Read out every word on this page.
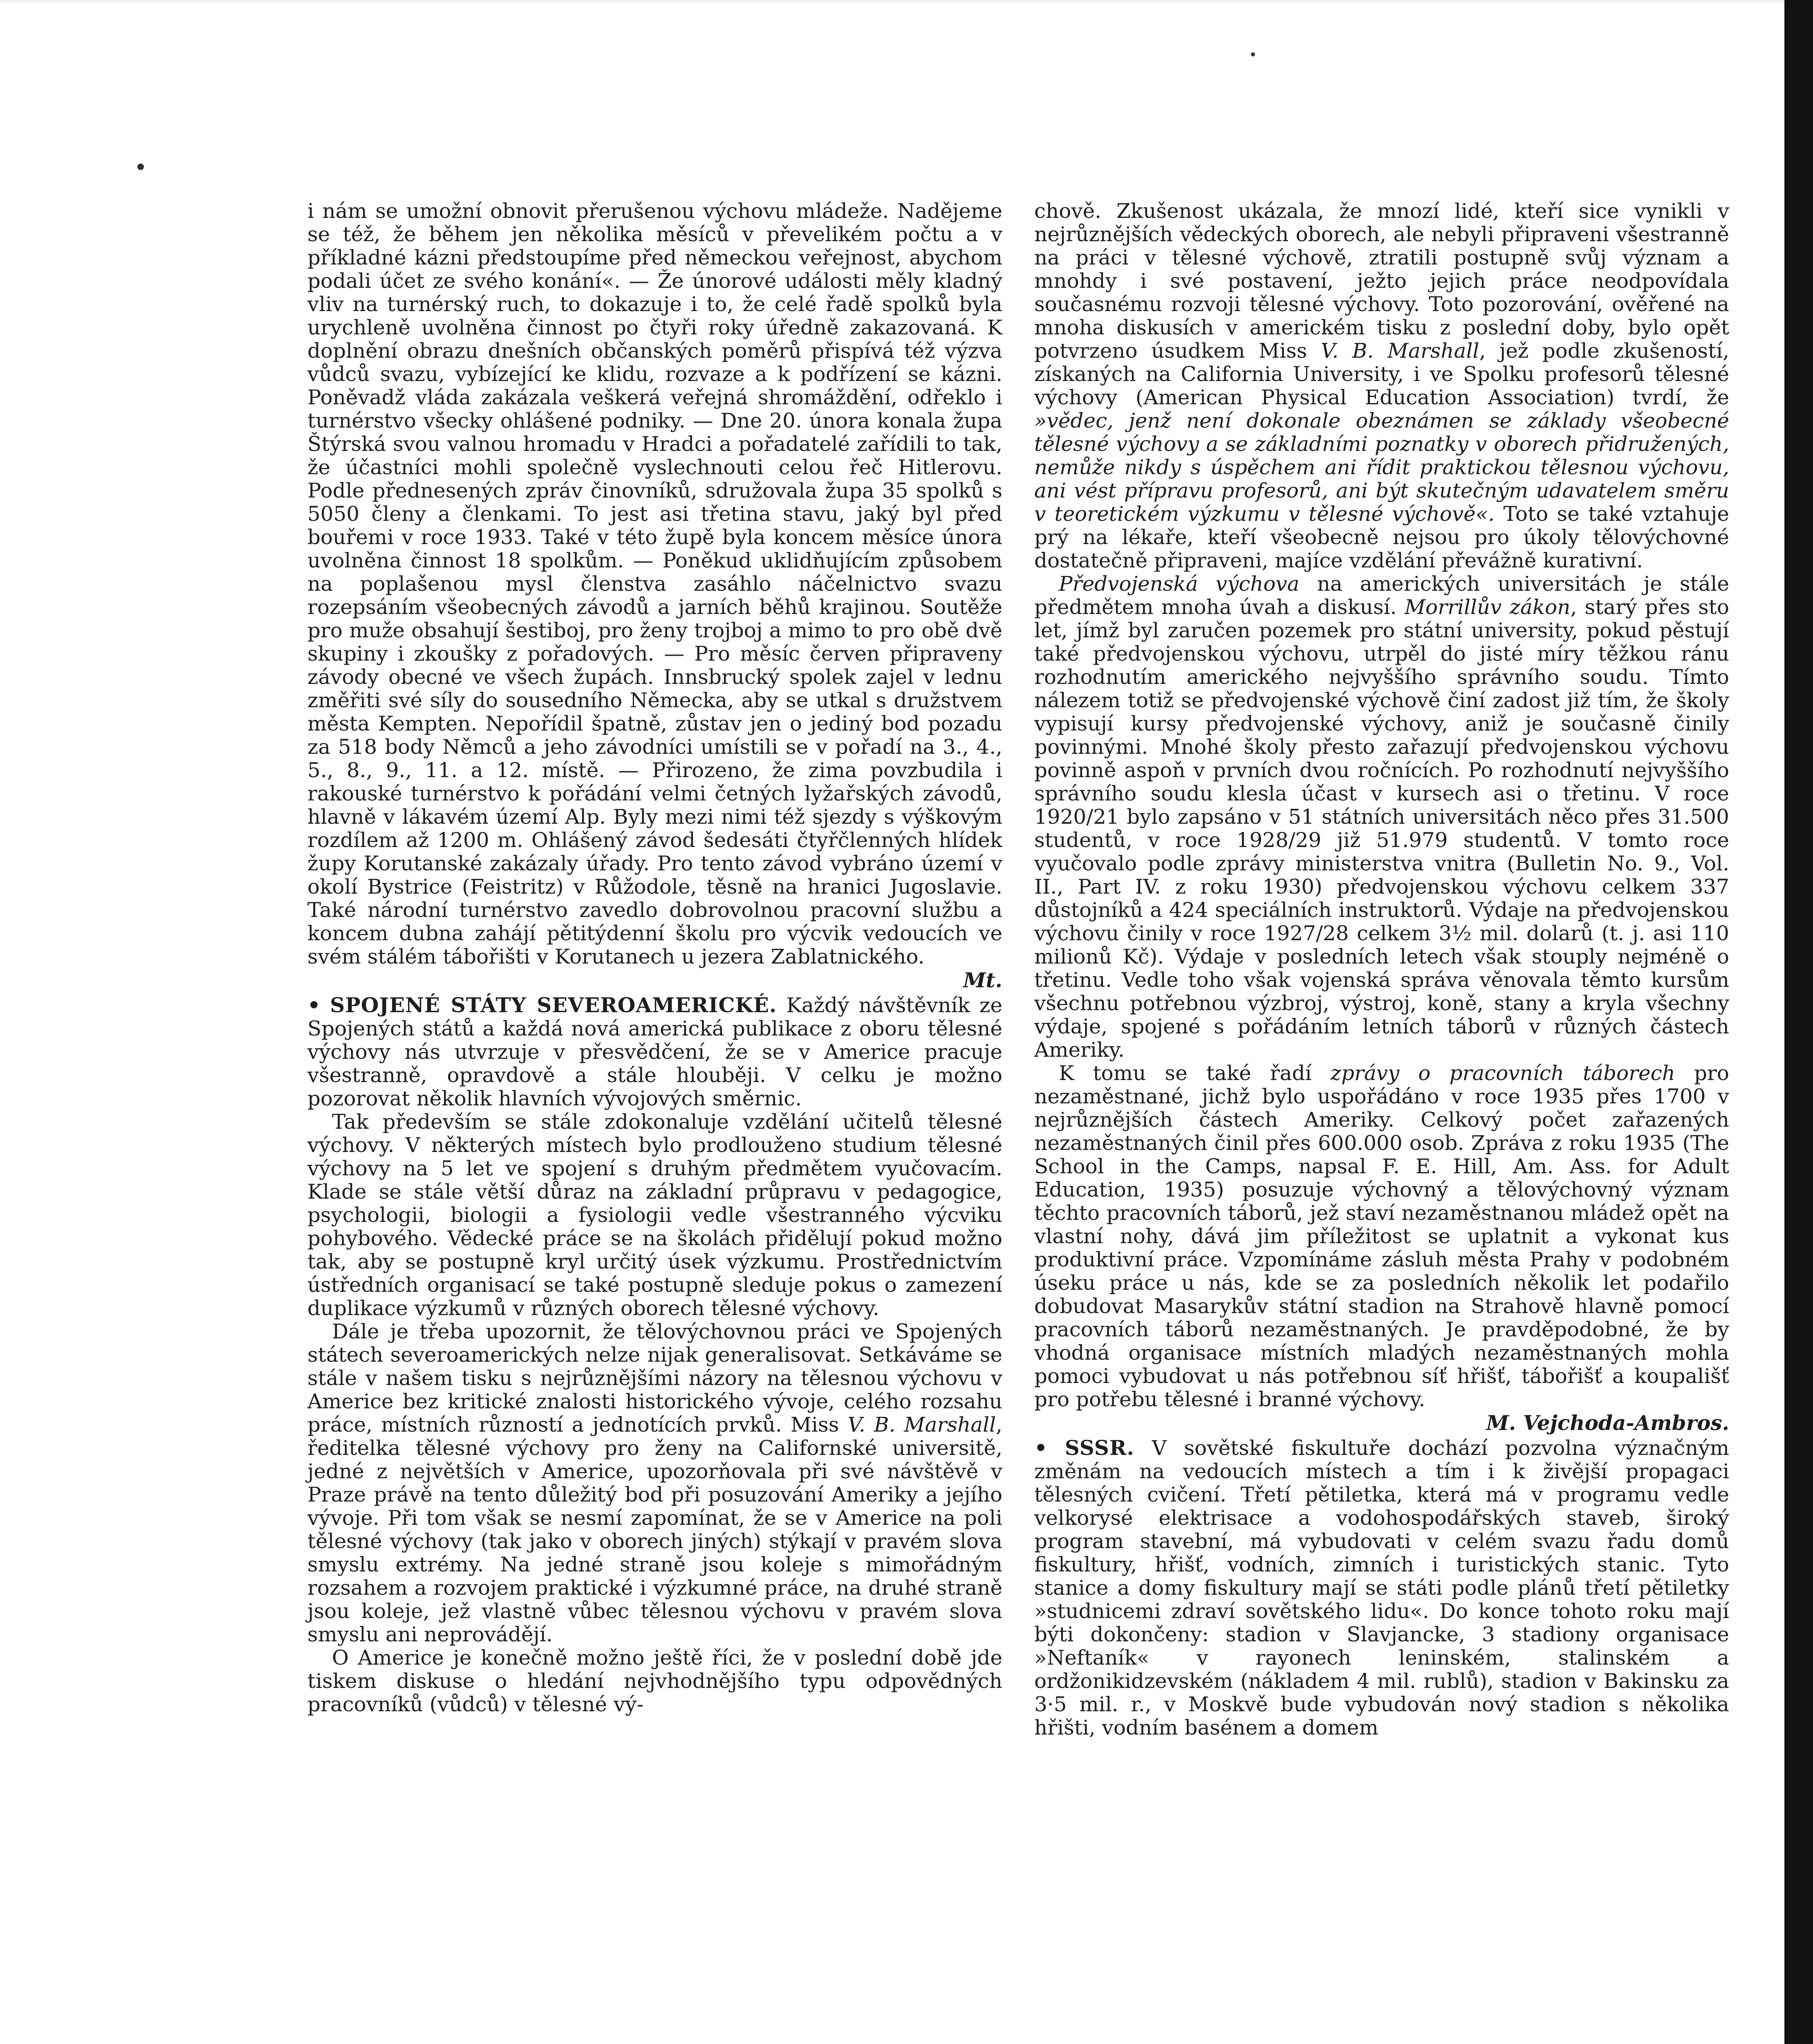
i nám se umožní obnovit přerušenou výchovu mládeže. Nadějeme se též, že během jen několika měsíců v převelikém počtu a v příkladné kázni předstoupíme před německou veřejnost, abychom podali účet ze svého konání«. — Že únorové události měly kladný vliv na turnérský ruch, to dokazuje i to, že celé řadě spolků byla urychleně uvolněna činnost po čtyři roky úředně zakazovaná. K doplnění obrazu dnešních občanských poměrů přispívá též výzva vůdců svazu, vybízející ke klidu, rozvaze a k podřízení se kázni. Poněvadž vláda zakázala veškerá veřejná shromáždění, odřeklo i turnérstvo všecky ohlášené podniky. — Dne 20. února konala župa Štýrská svou valnou hromadu v Hradci a pořadatelé zařídili to tak, že účastníci mohli společně vyslechnouti celou řeč Hitlerovu. Podle přednesených zpráv činovníků, sdružovala župa 35 spolků s 5050 členy a členkami. To jest asi třetina stavu, jaký byl před bouřemi v roce 1933. Také v této župě byla koncem měsíce února uvolněna činnost 18 spolkům. — Poněkud uklidňujícím způsobem na poplašenou mysl členstva zasáhlo náčelnictvo svazu rozepsáním všeobecných závodů a jarních běhů krajinou. Soutěže pro muže obsahují šestiboj, pro ženy trojboj a mimo to pro obě dvě skupiny i zkoušky z pořadových. — Pro měsíc červen připraveny závody obecné ve všech župách. Innsbrucký spolek zajel v lednu změřiti své síly do sousedního Německa, aby se utkal s družstvem města Kempten. Nepořídil špatně, zůstav jen o jediný bod pozadu za 518 body Němců a jeho závodníci umístili se v pořadí na 3., 4., 5., 8., 9., 11. a 12. místě. — Přirozeno, že zima povzbudila i rakouské turnérstvo k pořádání velmi četných lyžařských závodů, hlavně v lákavém území Alp. Byly mezi nimi též sjezdy s výškovým rozdílem až 1200 m. Ohlášený závod šedesáti čtyřčlenných hlídek župy Korutanské zakázaly úřady. Pro tento závod vybráno území v okolí Bystrice (Feistritz) v Růžodole, těsně na hranici Jugoslavie. Také národní turnérstvo zavedlo dobrovolnou pracovní službu a koncem dubna zahájí pětitýdenní školu pro výcvik vedoucích ve svém stálém tábořišti v Korutanech u jezera Zablatnického.

Mt.

• SPOJENÉ STÁTY SEVEROAMERICKÉ. Každý návštěvník ze Spojených států a každá nová americká publikace z oboru tělesné výchovy nás utvrzuje v přesvědčení, že se v Americe pracuje všestranně, opravdově a stále hlouběji. V celku je možno pozorovat několik hlavních vývojových směrnic.

Tak především se stále zdokonaluje vzdělání učitelů tělesné výchovy. V některých místech bylo prodlouženo studium tělesné výchovy na 5 let ve spojení s druhým předmětem vyučovacím. Klade se stále větší důraz na základní průpravu v pedagogice, psychologii, biologii a fysiologii vedle všestranného výcviku pohybového. Vědecké práce se na školách přidělují pokud možno tak, aby se postupně kryl určitý úsek výzkumu. Prostřednictvím ústředních organisací se také postupně sleduje pokus o zamezení duplikace výzkumů v různých oborech tělesné výchovy.

Dále je třeba upozornit, že tělovýchovnou práci ve Spojených státech severoamerických nelze nijak generalisovat. Setkáváme se stále v našem tisku s nejrůznějšími názory na tělesnou výchovu v Americe bez kritické znalosti historického vývoje, celého rozsahu práce, místních růzností a jednotících prvků. Miss V. B. Marshall, ředitelka tělesné výchovy pro ženy na Californské universitě, jedné z největších v Americe, upozorňovala při své návštěvě v Praze právě na tento důležitý bod při posuzování Ameriky a jejího vývoje. Při tom však se nesmí zapomínat, že se v Americe na poli tělesné výchovy (tak jako v oborech jiných) stýkají v pravém slova smyslu extrémy. Na jedné straně jsou koleje s mimořádným rozsahem a rozvojem praktické i výzkumné práce, na druhé straně jsou koleje, jež vlastně vůbec tělesnou výchovu v pravém slova smyslu ani neprovádějí.

O Americe je konečně možno ještě říci, že v poslední době jde tiskem diskuse o hledání nejvhodnějšího typu odpovědných pracovníků (vůdců) v tělesné vý-

chově. Zkušenost ukázala, že mnozí lidé, kteří sice vynikli v nejrůznějších vědeckých oborech, ale nebyli připraveni všestranně na práci v tělesné výchově, ztratili postupně svůj význam a mnohdy i své postavení, ježto jejich práce neodpovídala současnému rozvoji tělesné výchovy. Toto pozorování, ověřené na mnoha diskusích v americkém tisku z poslední doby, bylo opět potvrzeno úsudkem Miss V. B. Marshall, jež podle zkušeností, získaných na California University, i ve Spolku profesorů tělesné výchovy (American Physical Education Association) tvrdí, že »vědec, jenž není dokonale obeznámen se základy všeobecné tělesné výchovy a se základními poznatky v oborech přidružených, nemůže nikdy s úspěchem ani řídit praktickou tělesnou výchovu, ani vést přípravu profesorů, ani být skutečným udavatelem směru v teoretickém výzkumu v tělesné výchově«. Toto se také vztahuje prý na lékaře, kteří všeobecně nejsou pro úkoly tělovýchovné dostatečně připraveni, majíce vzdělání převážně kurativní.

Předvojenská výchova na amerických universitách je stále předmětem mnoha úvah a diskusí. Morrillův zákon, starý přes sto let, jímž byl zaručen pozemek pro státní university, pokud pěstují také předvojenskou výchovu, utrpěl do jisté míry těžkou ránu rozhodnutím amerického nejvyššího správního soudu. Tímto nálezem totiž se předvojenské výchově činí zadost již tím, že školy vypisují kursy předvojenské výchovy, aniž je současně činily povinnými. Mnohé školy přesto zařazují předvojenskou výchovu povinně aspoň v prvních dvou ročnících. Po rozhodnutí nejvyššího správního soudu klesla účast v kursech asi o třetinu. V roce 1920/21 bylo zapsáno v 51 státních universitách něco přes 31.500 studentů, v roce 1928/29 již 51.979 studentů. V tomto roce vyučovalo podle zprávy ministerstva vnitra (Bulletin No. 9., Vol. II., Part IV. z roku 1930) předvojenskou výchovu celkem 337 důstojníků a 424 speciálních instruktorů. Výdaje na předvojenskou výchovu činily v roce 1927/28 celkem 3½ mil. dolarů (t. j. asi 110 milionů Kč). Výdaje v posledních letech však stouply nejméně o třetinu. Vedle toho však vojenská správa věnovala těmto kursům všechnu potřebnou výzbroj, výstroj, koně, stany a kryla všechny výdaje, spojené s pořádáním letních táborů v různých částech Ameriky.

K tomu se také řadí zprávy o pracovních táborech pro nezaměstnané, jichž bylo uspořádáno v roce 1935 přes 1700 v nejrůznějších částech Ameriky. Celkový počet zařazených nezaměstnaných činil přes 600.000 osob. Zpráva z roku 1935 (The School in the Camps, napsal F. E. Hill, Am. Ass. for Adult Education, 1935) posuzuje výchovný a tělovýchovný význam těchto pracovních táborů, jež staví nezaměstnanou mládež opět na vlastní nohy, dává jim příležitost se uplatnit a vykonat kus produktivní práce. Vzpomínáme zásluh města Prahy v podobném úseku práce u nás, kde se za posledních několik let podařilo dobudovat Masarykův státní stadion na Strahově hlavně pomocí pracovních táborů nezaměstnaných. Je pravděpodobné, že by vhodná organisace místních mladých nezaměstnaných mohla pomoci vybudovat u nás potřebnou síť hřišť, tábořišť a koupališť pro potřebu tělesné i branné výchovy.

M. Vejchoda-Ambros.

• SSSR. V sovětské fiskultuře dochází pozvolna význačným změnám na vedoucích místech a tím i k živější propagaci tělesných cvičení. Třetí pětiletka, která má v programu vedle velkorysé elektrisace a vodohospodářských staveb, široký program stavební, má vybudovati v celém svazu řadu domů fiskultury, hřišť, vodních, zimních i turistických stanic. Tyto stanice a domy fiskultury mají se státi podle plánů třetí pětiletky »studnicemi zdraví sovětského lidu«. Do konce tohoto roku mají býti dokončeny: stadion v Slavjancke, 3 stadiony organisace »Neftaník« v rayonech leninském, stalinském a ordžonikidzevském (nákladem 4 mil. rublů), stadion v Bakinsku za 3·5 mil. r., v Moskvě bude vybudován nový stadion s několika hřišti, vodním basénem a domem
